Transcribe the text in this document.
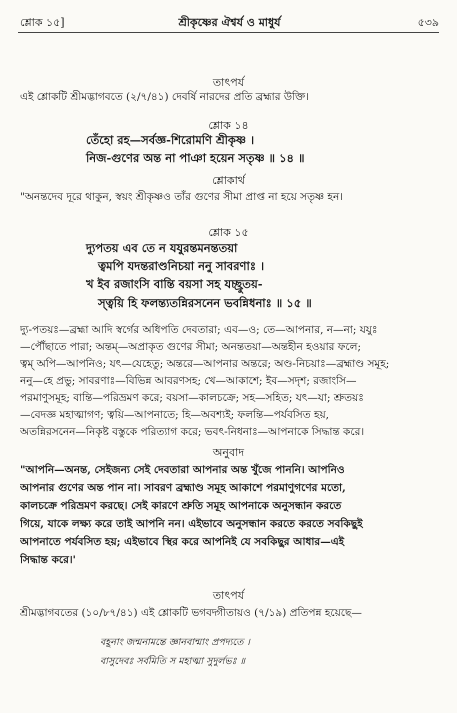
শ্লোক ১৫]	শ্রীকৃষ্ণের ঐশ্বর্য ও মাধুর্য	৫৩৯
তাৎপর্য
এই শ্লোকটি শ্রীমদ্ভাগবতে (২/৭/৪১) দেবর্ষি নারদের প্রতি ব্রহ্মার উক্তি।
শ্লোক ১৪
তেঁহো রহ—সর্বজ্ঞ-শিরোমণি শ্রীকৃষ্ণ ।
নিজ-গুণের অন্ত না পাঞা হয়েন সতৃষ্ণ ॥ ১৪ ॥
শ্লোকার্থ
"অনন্তদেব দূরে থাকুন, স্বয়ং শ্রীকৃষ্ণও তাঁর গুণের সীমা প্রাপ্ত না হয়ে সতৃষ্ণ হন।
শ্লোক ১৫
দ্যুপতয় এব তে ন যযুরন্তমনন্ততয়া
ত্বমপি যদন্তরাণ্ডনিচয়া ননু সাবরণাঃ ।
খ ইব রজাংসি বান্তি বয়সা সহ যচ্ছ্রুতয়-
স্ত্বয়ি হি ফলন্ত্যতন্নিরসনেন ভবন্নিধনাঃ ॥ ১৫ ॥
দ্যু-পতয়ঃ—ব্রহ্মা আদি স্বর্গের অধিপতি দেবতারা; এব—ও; তে—আপনার, ন—না; যযুঃ
—পৌঁছাতে পারা; অন্তম্—অপ্রাকৃত গুণের সীমা; অনন্ততয়া—অন্তহীন হওয়ার ফলে;
ত্বম্ অপি—আপনিও; যৎ—যেহেতু; অন্তরে—আপনার অন্তরে; অণ্ড-নিচয়াঃ—ব্রহ্মাণ্ড সমূহ;
ননু—হে প্রভু; সাবরণাঃ—বিভিন্ন আবরণসহ; খে—আকাশে; ইব—সদৃশ; রজাংসি—
পরমাণুসমূহ; বান্তি—পরিভ্রমণ করে; বয়সা—কালচক্রে; সহ—সহিত; যৎ—যা; শ্রুতয়ঃ
—বেদজ্ঞ মহাত্মাগণ; ত্বয়ি—আপনাতে; হি—অবশ্যই; ফলন্তি—পর্যবসিত হয়,
অতন্নিরসনেন—নিকৃষ্ট বস্তুকে পরিত্যাগ করে; ভবৎ-নিধনাঃ—আপনাকে সিদ্ধান্ত করে।
অনুবাদ
"আপনি—অনন্ত, সেইজন্য সেই দেবতারা আপনার অন্ত খুঁজে পাননি। আপনিও
আপনার গুণের অন্ত পান না। সাবরণ ব্রহ্মাণ্ড সমূহ আকাশে পরমাণুগণের মতো,
কালচক্রে পরিভ্রমণ করছে। সেই কারণে শ্রুতি সমূহ আপনাকে অনুসন্ধান করতে
গিয়ে, যাকে লক্ষ্য করে তাই আপনি নন। এইভাবে অনুসন্ধান করতে করতে সবকিছুই
আপনাতে পর্যবসিত হয়; এইভাবে স্থির করে আপনিই যে সবকিছুর আধার—এই
সিদ্ধান্ত করে।'
তাৎপর্য
শ্রীমদ্ভাগবতের (১০/৮৭/৪১) এই শ্লোকটি ভগবদ্গীতায়ও (৭/১৯) প্রতিপন্ন হয়েছে—
বহূনাং জন্মনামন্তে জ্ঞানবান্মাং প্রপদ্যতে ।
বাসুদেবঃ সর্বমিতি স মহাত্মা সুদুর্লভঃ ॥
